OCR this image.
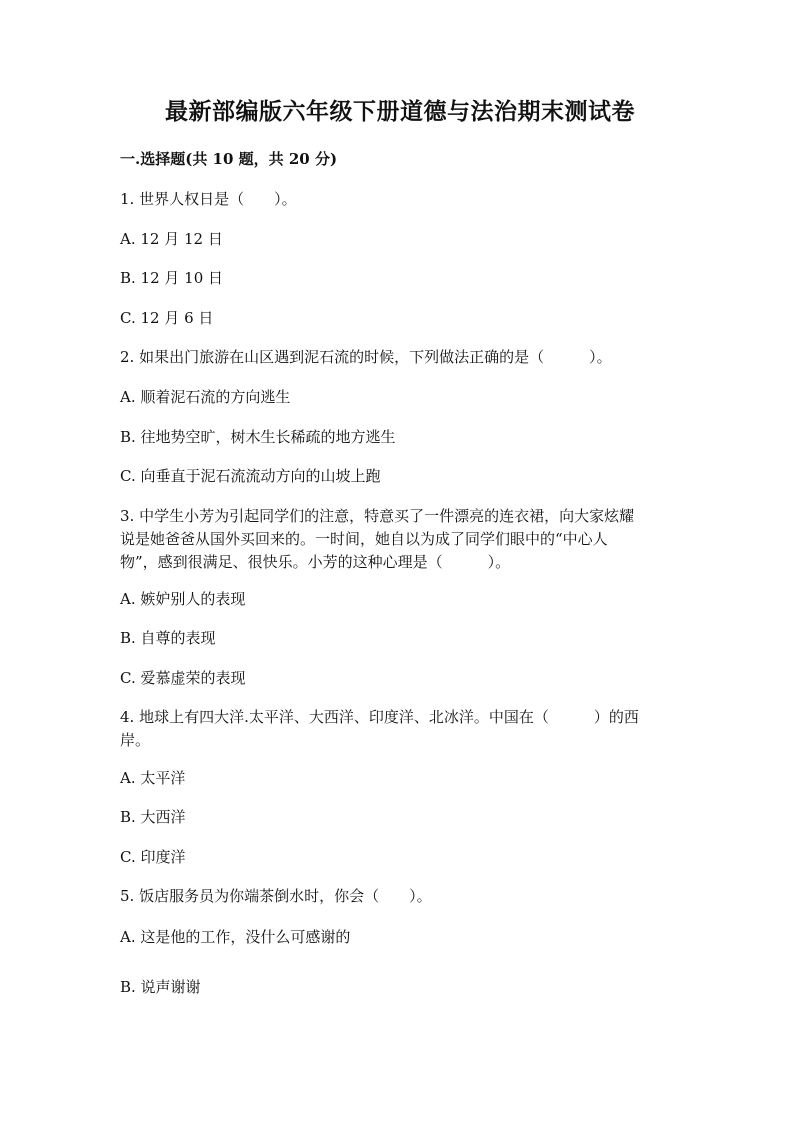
最新部编版六年级下册道德与法治期末测试卷
一.选择题(共 10 题，共 20 分)
1. 世界人权日是（　　）。
A. 12 月 12 日
B. 12 月 10 日
C. 12 月 6 日
2. 如果出门旅游在山区遇到泥石流的时候，下列做法正确的是（　　　）。
A. 顺着泥石流的方向逃生
B. 往地势空旷，树木生长稀疏的地方逃生
C. 向垂直于泥石流流动方向的山坡上跑
3. 中学生小芳为引起同学们的注意，特意买了一件漂亮的连衣裙，向大家炫耀
说是她爸爸从国外买回来的。一时间，她自以为成了同学们眼中的“中心人
物”，感到很满足、很快乐。小芳的这种心理是（　　　）。
A. 嫉妒别人的表现
B. 自尊的表现
C. 爱慕虚荣的表现
4. 地球上有四大洋.太平洋、大西洋、印度洋、北冰洋。中国在（　　　）的西
岸。
A. 太平洋
B. 大西洋
C. 印度洋
5. 饭店服务员为你端茶倒水时，你会（　　）。
A. 这是他的工作，没什么可感谢的
B. 说声谢谢
